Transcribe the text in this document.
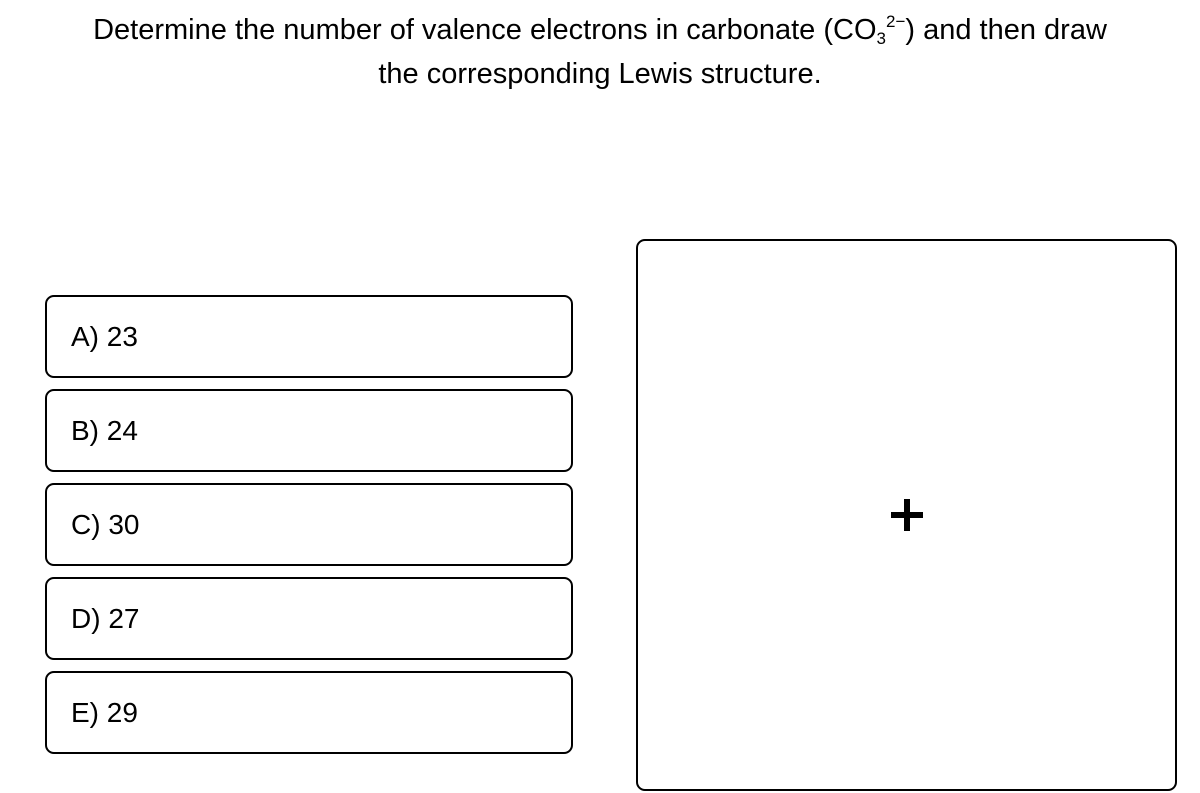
Determine the number of valence electrons in carbonate $(CO_3^{2-})$ and then draw
the corresponding Lewis structure.
A) 23
B) 24
C) 30
D) 27
E) 29
